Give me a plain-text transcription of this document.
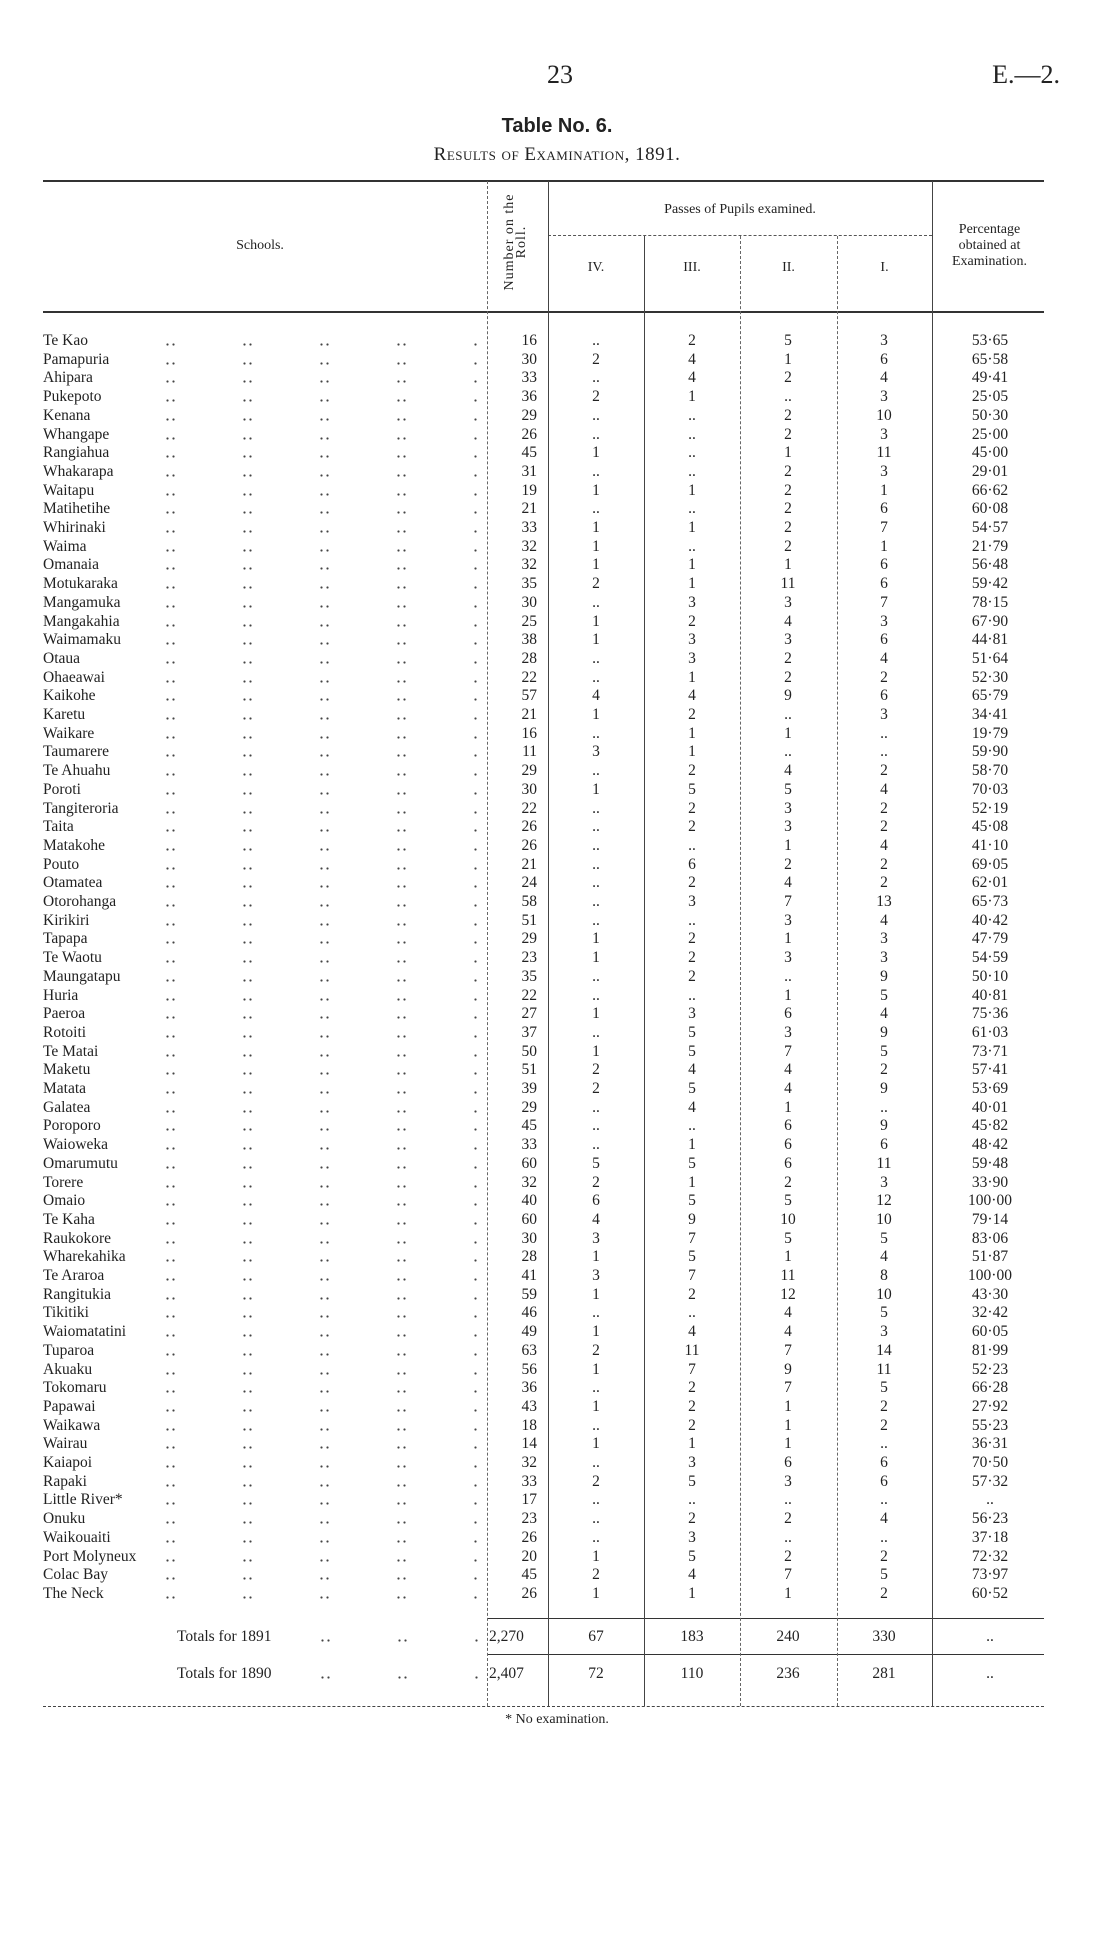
23	E.—2.
Table No. 6.
Results of Examination, 1891.
Schools.	Number on the Roll.
Passes of Pupils examined.
IV.	III.	II.	I.
Percentage
obtained at
Examination.
Te Kao	16	..	2	5	3	53·65
Pamapuria	30	2	4	1	6	65·58
Ahipara	33	..	4	2	4	49·41
Pukepoto	36	2	1	..	3	25·05
Kenana	29	..	..	2	10	50·30
Whangape	26	..	..	2	3	25·00
Rangiahua	45	1	..	1	11	45·00
Whakarapa	31	..	..	2	3	29·01
Waitapu	19	1	1	2	1	66·62
Matihetihe	21	..	..	2	6	60·08
Whirinaki	33	1	1	2	7	54·57
Waima	32	1	..	2	1	21·79
Omanaia	32	1	1	1	6	56·48
Motukaraka	35	2	1	11	6	59·42
Mangamuka	30	..	3	3	7	78·15
Mangakahia	25	1	2	4	3	67·90
Waimamaku	38	1	3	3	6	44·81
Otaua	28	..	3	2	4	51·64
Ohaeawai	22	..	1	2	2	52·30
Kaikohe	57	4	4	9	6	65·79
Karetu	21	1	2	..	3	34·41
Waikare	16	..	1	1	..	19·79
Taumarere	11	3	1	..	..	59·90
Te Ahuahu	29	..	2	4	2	58·70
Poroti	30	1	5	5	4	70·03
Tangiteroria	22	..	2	3	2	52·19
Taita	26	..	2	3	2	45·08
Matakohe	26	..	..	1	4	41·10
Pouto	21	..	6	2	2	69·05
Otamatea	24	..	2	4	2	62·01
Otorohanga	58	..	3	7	13	65·73
Kirikiri	51	..	..	3	4	40·42
Tapapa	29	1	2	1	3	47·79
Te Waotu	23	1	2	3	3	54·59
Maungatapu	35	..	2	..	9	50·10
Huria	22	..	..	1	5	40·81
Paeroa	27	1	3	6	4	75·36
Rotoiti	37	..	5	3	9	61·03
Te Matai	50	1	5	7	5	73·71
Maketu	51	2	4	4	2	57·41
Matata	39	2	5	4	9	53·69
Galatea	29	..	4	1	..	40·01
Poroporo	45	..	..	6	9	45·82
Waioweka	33	..	1	6	6	48·42
Omarumutu	60	5	5	6	11	59·48
Torere	32	2	1	2	3	33·90
Omaio	40	6	5	5	12	100·00
Te Kaha	60	4	9	10	10	79·14
Raukokore	30	3	7	5	5	83·06
Wharekahika	28	1	5	1	4	51·87
Te Araroa	41	3	7	11	8	100·00
Rangitukia	59	1	2	12	10	43·30
Tikitiki	46	..	..	4	5	32·42
Waiomatatini	49	1	4	4	3	60·05
Tuparoa	63	2	11	7	14	81·99
Akuaku	56	1	7	9	11	52·23
Tokomaru	36	..	2	7	5	66·28
Papawai	43	1	2	1	2	27·92
Waikawa	18	..	2	1	2	55·23
Wairau	14	1	1	1	..	36·31
Kaiapoi	32	..	3	6	6	70·50
Rapaki	33	2	5	3	6	57·32
Little River*	17	..	..	..	..	..
Onuku	23	..	2	2	4	56·23
Waikouaiti	26	..	3	..	..	37·18
Port Molyneux	20	1	5	2	2	72·32
Colac Bay	45	2	4	7	5	73·97
The Neck	26	1	1	1	2	60·52
Totals for 1891	2,270	67	183	240	330	..
Totals for 1890	2,407	72	110	236	281	..
* No examination.
